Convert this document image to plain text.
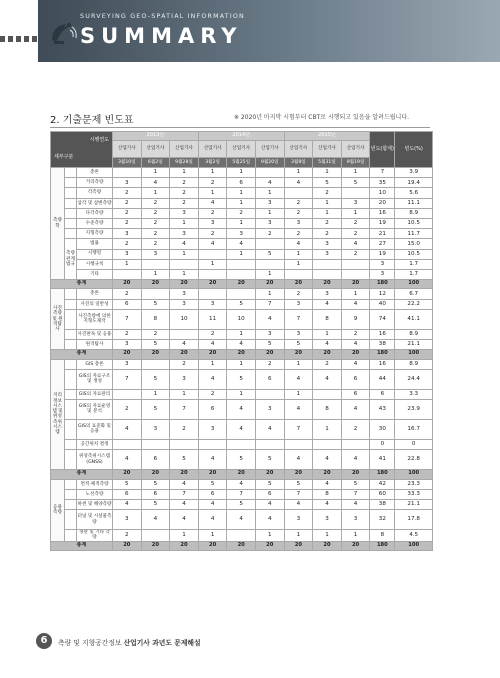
SURVEYING GEO-SPATIAL INFORMATION
SUMMARY
2. 기출문제 빈도표	※ 2020년 마지막 시험부터 CBT로 시행되고 있음을 알려드립니다.
시행연도
세부구분			2013년			2014년			2015년			빈도(합계)	빈도(%)
			산업기사	산업기사	산업기사	산업기사	산업기사	산업기사	산업기사	산업기사	산업기사		
			3월10일	6월2일	9월28일	3월2일	5월25일	9월20일	3월8일	5월31일	9월19일		
측량학		총론		1	1	1	1		1	1	1	7	3.9
		거리측량	3	4	2	2	6	4	4	5	5	35	19.4
		각측량	2	1	2	1	1	1		2		10	5.6
		삼각 및 삼변측량	2	2	2	4	1	3	2	1	3	20	11.1
		다각측량	2	2	3	2	2	1	2	1	1	16	8.9
		수준측량	2	2	1	3	1	3	3	2	2	19	10.5
		지형측량	3	2	3	2	3	2	2	2	2	21	11.7
	측량관계법규	법률	2	2	4	4	4		4	3	4	27	15.0
		시행령	3	3	1		1	5	1	3	2	19	10.5
		시행규칙	1			1			1			3	1.7
		기타		1	1			1				3	1.7
총계			20	20	20	20	20	20	20	20	20	180	100
사진측량 및 원격탐사		총론	2		3			1	2	3	1	12	6.7
		사진의 일반성	6	5	3	3	5	7	3	4	4	40	22.2
		사진측량에 의한 지형도제작	7	8	10	11	10	4	7	8	9	74	41.1
		사진판독 및 응용	2	2		2	1	3	3	1	2	16	8.9
		원격탐사	3	5	4	4	4	5	5	4	4	38	21.1
총계			20	20	20	20	20	20	20	20	20	180	100
지리정보시스템 및 위성측위시스템		GIS 총론	3		2	1	1	2	1	2	4	16	8.9
		GIS의 자료구조 및 생성	7	5	3	4	5	6	4	4	6	44	24.4
		GIS의 자료관리		1	1	2	1		1		6	6	3.3
		GIS의 자료운영 및 분석	2	5	7	6	4	3	4	8	4	43	23.9
		GIS의 표준화 및 응용	4	3	2	3	4	4	7	1	2	30	16.7
		공간위치 결정										0	0
		위성측위시스템(GNSS)	4	6	5	4	5	5	4	4	4	41	22.8
총계			20	20	20	20	20	20	20	20	20	180	100
응용측량		면적·체적측량	5	5	4	5	4	5	5	4	5	42	23.3
		노선측량	6	6	7	6	7	6	7	8	7	60	33.3
		하천 및 해양측량	4	5	4	4	5	4	4	4	4	38	21.1
		터널 및 시설물측량	3	4	4	4	4	4	3	3	3	32	17.8
		경관 및 기타 측량	2		1	1		1	1	1	1	8	4.5
총계			20	20	20	20	20	20	20	20	20	180	100
6	측량 및 지형공간정보 산업기사 과년도 문제해설
